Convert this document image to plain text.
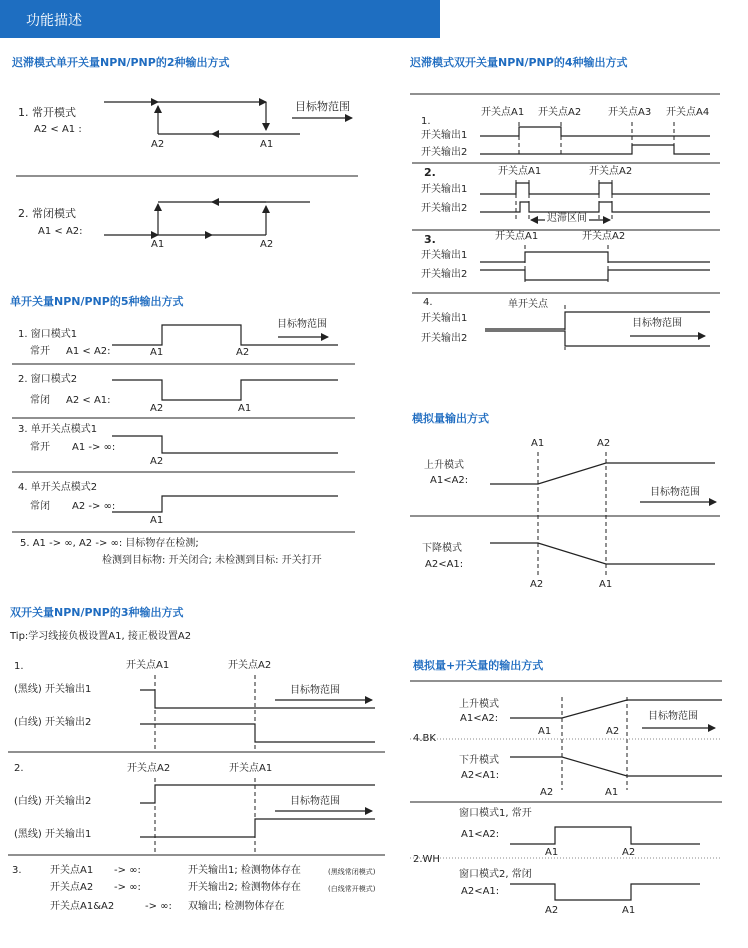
功能描述
迟滞模式单开关量NPN/PNP的2种输出方式
1. 常开模式
A2 < A1 :
目标物范围
A2	A1
2. 常闭模式
A1 < A2:
A1	A2
单开关量NPN/PNP的5种输出方式
1. 窗口模式1
常开 A1 < A2:
目标物范围
A1	A2
2. 窗口模式2
常闭 A2 < A1:
A2	A1
3. 单开关点模式1
常开 A1 -> ∞:
A2
4. 单开关点模式2
常闭 A2 -> ∞:
A1
5. A1 -> ∞, A2 -> ∞: 目标物存在检测;
检测到目标物: 开关闭合; 未检测到目标: 开关打开
双开关量NPN/PNP的3种输出方式
Tip:学习线接负极设置A1, 接正极设置A2
1.	开关点A1	开关点A2
(黑线) 开关输出1	目标物范围
(白线) 开关输出2
2.	开关点A2	开关点A1
(白线) 开关输出2	目标物范围
(黑线) 开关输出1
3.	开关点A1 -> ∞:	开关输出1; 检测物体存在	(黑线常闭模式)
开关点A2 -> ∞:	开关输出2; 检测物体存在	(白线常开模式)
开关点A1&A2	-> ∞: 双输出; 检测物体存在
迟滞模式双开关量NPN/PNP的4种输出方式
1.
开关点A1 开关点A2	开关点A3 开关点A4
开关输出1
开关输出2
2.	开关点A1	开关点A2
开关输出1
开关输出2
迟滞区间
3.	开关点A1	开关点A2
开关输出1
开关输出2
4.	单开关点
开关输出1	目标物范围
开关输出2
模拟量输出方式
A1	A2
上升模式
A1<A2:
目标物范围
下降模式
A2<A1:
A2	A1
模拟量+开关量的输出方式
上升模式
A1<A2:	目标物范围
A1	A2
4.BK
下升模式
A2<A1:
A2	A1
窗口模式1, 常开
A1<A2:
A1	A2
2.WH
窗口模式2, 常闭
A2<A1:
A2	A1
